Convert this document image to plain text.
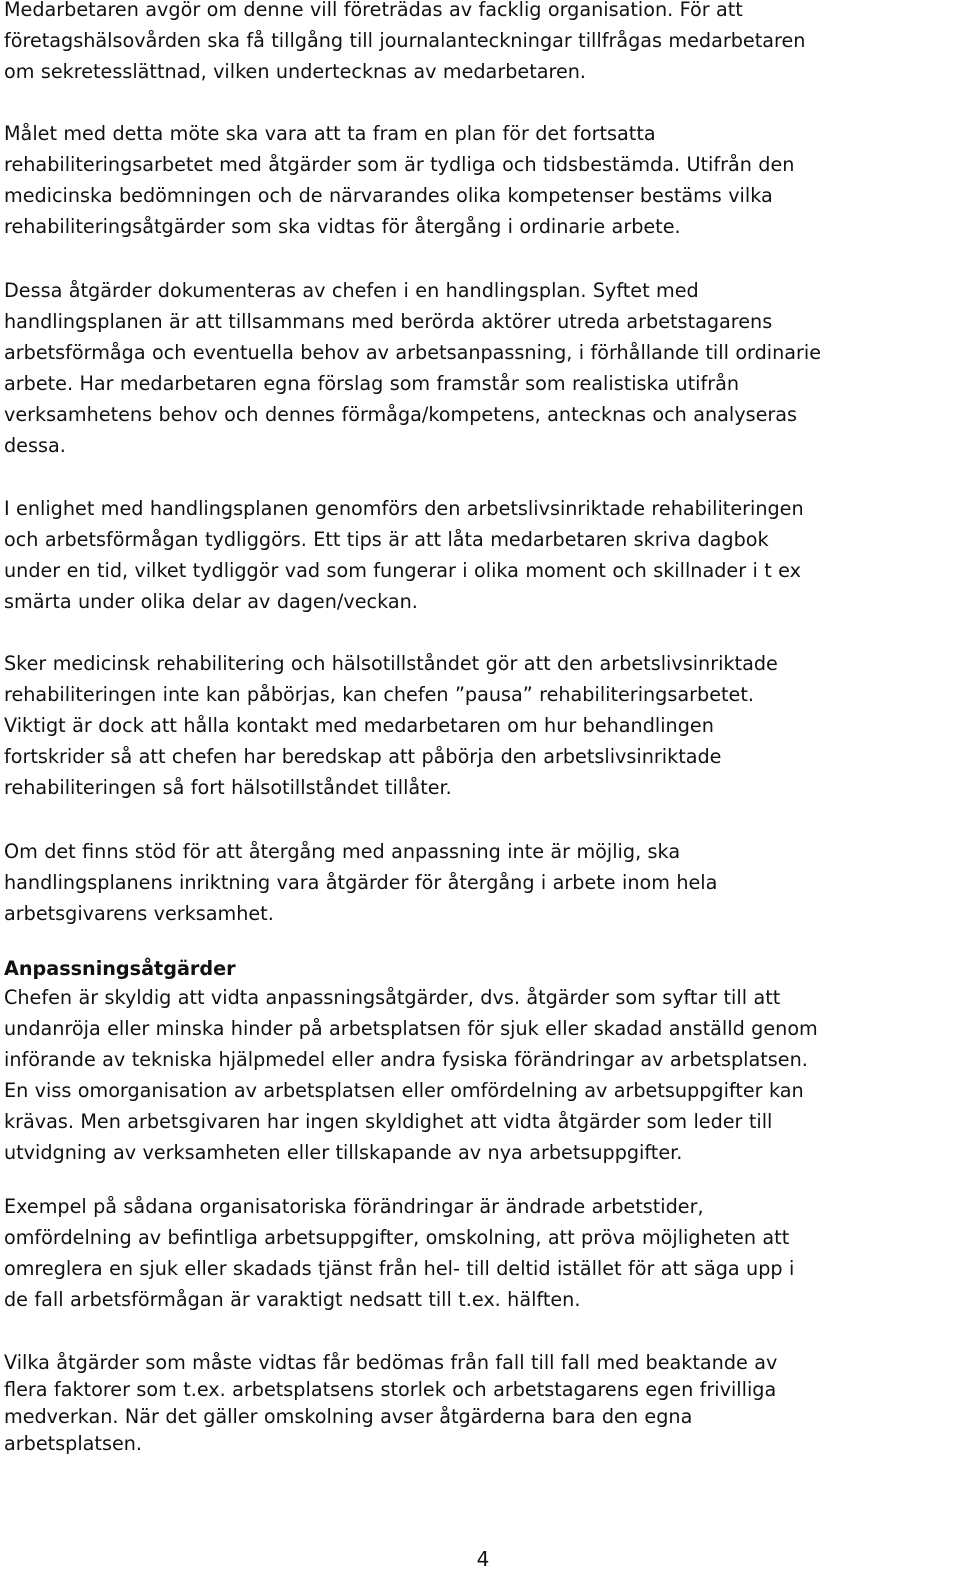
Medarbetaren avgör om denne vill företrädas av facklig organisation. För att
företagshälsovården ska få tillgång till journalanteckningar tillfrågas medarbetaren
om sekretesslättnad, vilken undertecknas av medarbetaren.

Målet med detta möte ska vara att ta fram en plan för det fortsatta
rehabiliteringsarbetet med åtgärder som är tydliga och tidsbestämda. Utifrån den
medicinska bedömningen och de närvarandes olika kompetenser bestäms vilka
rehabiliteringsåtgärder som ska vidtas för återgång i ordinarie arbete.

Dessa åtgärder dokumenteras av chefen i en handlingsplan. Syftet med
handlingsplanen är att tillsammans med berörda aktörer utreda arbetstagarens
arbetsförmåga och eventuella behov av arbetsanpassning, i förhållande till ordinarie
arbete. Har medarbetaren egna förslag som framstår som realistiska utifrån
verksamhetens behov och dennes förmåga/kompetens, antecknas och analyseras
dessa.

I enlighet med handlingsplanen genomförs den arbetslivsinriktade rehabiliteringen
och arbetsförmågan tydliggörs. Ett tips är att låta medarbetaren skriva dagbok
under en tid, vilket tydliggör vad som fungerar i olika moment och skillnader i t ex
smärta under olika delar av dagen/veckan.

Sker medicinsk rehabilitering och hälsotillståndet gör att den arbetslivsinriktade
rehabiliteringen inte kan påbörjas, kan chefen ”pausa” rehabiliteringsarbetet.
Viktigt är dock att hålla kontakt med medarbetaren om hur behandlingen
fortskrider så att chefen har beredskap att påbörja den arbetslivsinriktade
rehabiliteringen så fort hälsotillståndet tillåter.

Om det finns stöd för att återgång med anpassning inte är möjlig, ska
handlingsplanens inriktning vara åtgärder för återgång i arbete inom hela
arbetsgivarens verksamhet.

Anpassningsåtgärder

Chefen är skyldig att vidta anpassningsåtgärder, dvs. åtgärder som syftar till att
undanröja eller minska hinder på arbetsplatsen för sjuk eller skadad anställd genom
införande av tekniska hjälpmedel eller andra fysiska förändringar av arbetsplatsen.
En viss omorganisation av arbetsplatsen eller omfördelning av arbetsuppgifter kan
krävas. Men arbetsgivaren har ingen skyldighet att vidta åtgärder som leder till
utvidgning av verksamheten eller tillskapande av nya arbetsuppgifter.

Exempel på sådana organisatoriska förändringar är ändrade arbetstider,
omfördelning av befintliga arbetsuppgifter, omskolning, att pröva möjligheten att
omreglera en sjuk eller skadads tjänst från hel- till deltid istället för att säga upp i
de fall arbetsförmågan är varaktigt nedsatt till t.ex. hälften.

Vilka åtgärder som måste vidtas får bedömas från fall till fall med beaktande av
flera faktorer som t.ex. arbetsplatsens storlek och arbetstagarens egen frivilliga
medverkan. När det gäller omskolning avser åtgärderna bara den egna
arbetsplatsen.

4
